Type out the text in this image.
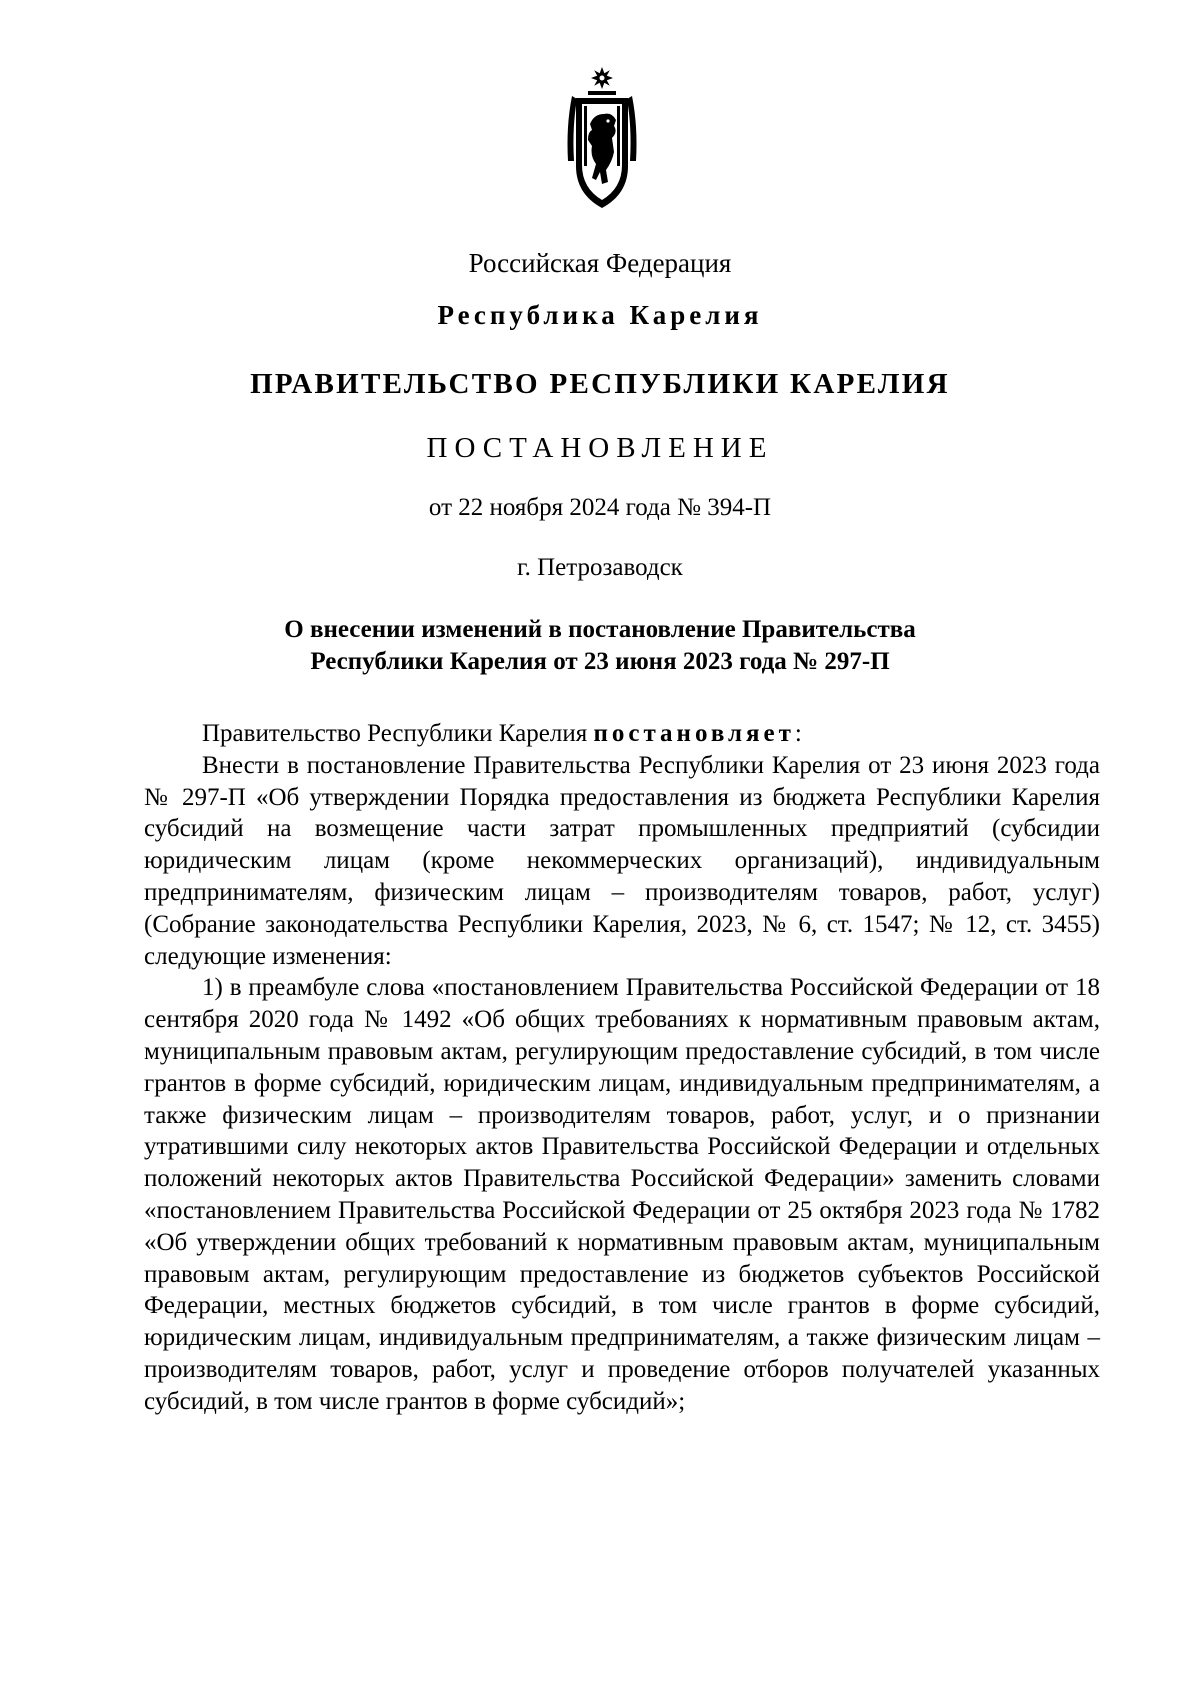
Российская Федерация
Республика Карелия
ПРАВИТЕЛЬСТВО РЕСПУБЛИКИ КАРЕЛИЯ
ПОСТАНОВЛЕНИЕ
от 22 ноября 2024 года № 394-П
г. Петрозаводск
О внесении изменений в постановление Правительства
Республики Карелия от 23 июня 2023 года № 297-П

Правительство Республики Карелия постановляет:

Внести в постановление Правительства Республики Карелия от 23 июня 2023 года № 297-П «Об утверждении Порядка предоставления из бюджета Республики Карелия субсидий на возмещение части затрат промышленных предприятий (субсидии юридическим лицам (кроме некоммерческих организаций), индивидуальным предпринимателям, физическим лицам – производителям товаров, работ, услуг) (Собрание законодательства Республики Карелия, 2023, № 6, ст. 1547; № 12, ст. 3455) следующие изменения:

1) в преамбуле слова «постановлением Правительства Российской Федерации от 18 сентября 2020 года № 1492 «Об общих требованиях к нормативным правовым актам, муниципальным правовым актам, регулирующим предоставление субсидий, в том числе грантов в форме субсидий, юридическим лицам, индивидуальным предпринимателям, а также физическим лицам – производителям товаров, работ, услуг, и о признании утратившими силу некоторых актов Правительства Российской Федерации и отдельных положений некоторых актов Правительства Российской Федерации» заменить словами «постановлением Правительства Российской Федерации от 25 октября 2023 года № 1782 «Об утверждении общих требований к нормативным правовым актам, муниципальным правовым актам, регулирующим предоставление из бюджетов субъектов Российской Федерации, местных бюджетов субсидий, в том числе грантов в форме субсидий, юридическим лицам, индивидуальным предпринимателям, а также физическим лицам – производителям товаров, работ, услуг и проведение отборов получателей указанных субсидий, в том числе грантов в форме субсидий»;
